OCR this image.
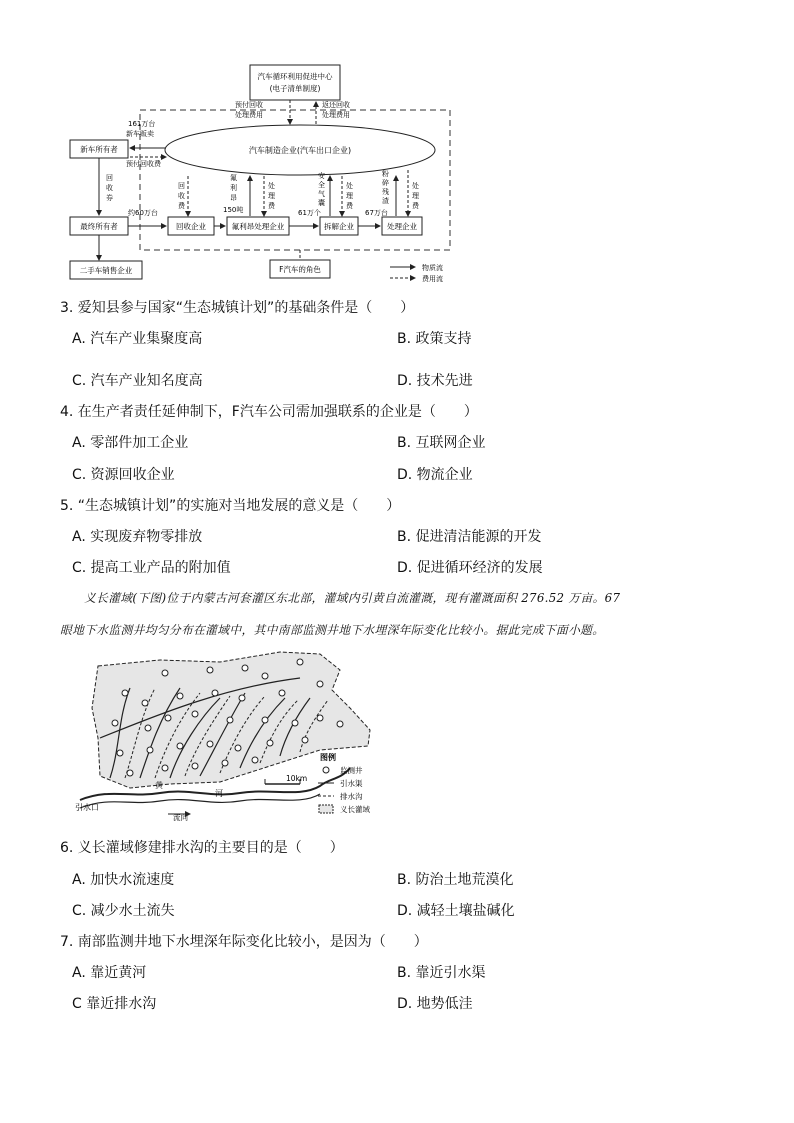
汽车循环利用促进中心
(电子清单制度)
预付回收
处理费用
返还回收
处理费用
汽车制造企业(汽车出口企业)
新车所有者
161万台
新车贩卖
预付回收费
回
收
券
最终所有者
约60万台
回收企业
回
收
费
氟
利
昂
150吨
处
理
费
氟利昂处理企业
61万个
安
全
气
囊
处
理
费
拆解企业
67万台
粉
碎
残
渣
处
理
费
处理企业
二手车销售企业	F汽车的角色	物质流
费用流
3. 爱知县参与国家“生态城镇计划”的基础条件是（　　）
A. 汽车产业集聚度高	B. 政策支持
C. 汽车产业知名度高	D. 技术先进
4. 在生产者责任延伸制下，F汽车公司需加强联系的企业是（　　）
A. 零部件加工企业	B. 互联网企业
C. 资源回收企业	D. 物流企业
5. “生态城镇计划”的实施对当地发展的意义是（　　）
A. 实现废弃物零排放	B. 促进清洁能源的开发
C. 提高工业产品的附加值	D. 促进循环经济的发展
义长灌域(下图)位于内蒙古河套灌区东北部，灌域内引黄自流灌溉，现有灌溉面积 276.52 万亩。67
眼地下水监测井均匀分布在灌域中，其中南部监测井地下水埋深年际变化比较小。据此完成下面小题。
10km
引水口
黄
河
流向
图例
监测井
引水渠
排水沟
义长灌域
6. 义长灌域修建排水沟的主要目的是（　　）
A. 加快水流速度	B. 防治土地荒漠化
C. 减少水土流失	D. 减轻土壤盐碱化
7. 南部监测井地下水埋深年际变化比较小，是因为（　　）
A. 靠近黄河	B. 靠近引水渠
C 靠近排水沟	D. 地势低洼
